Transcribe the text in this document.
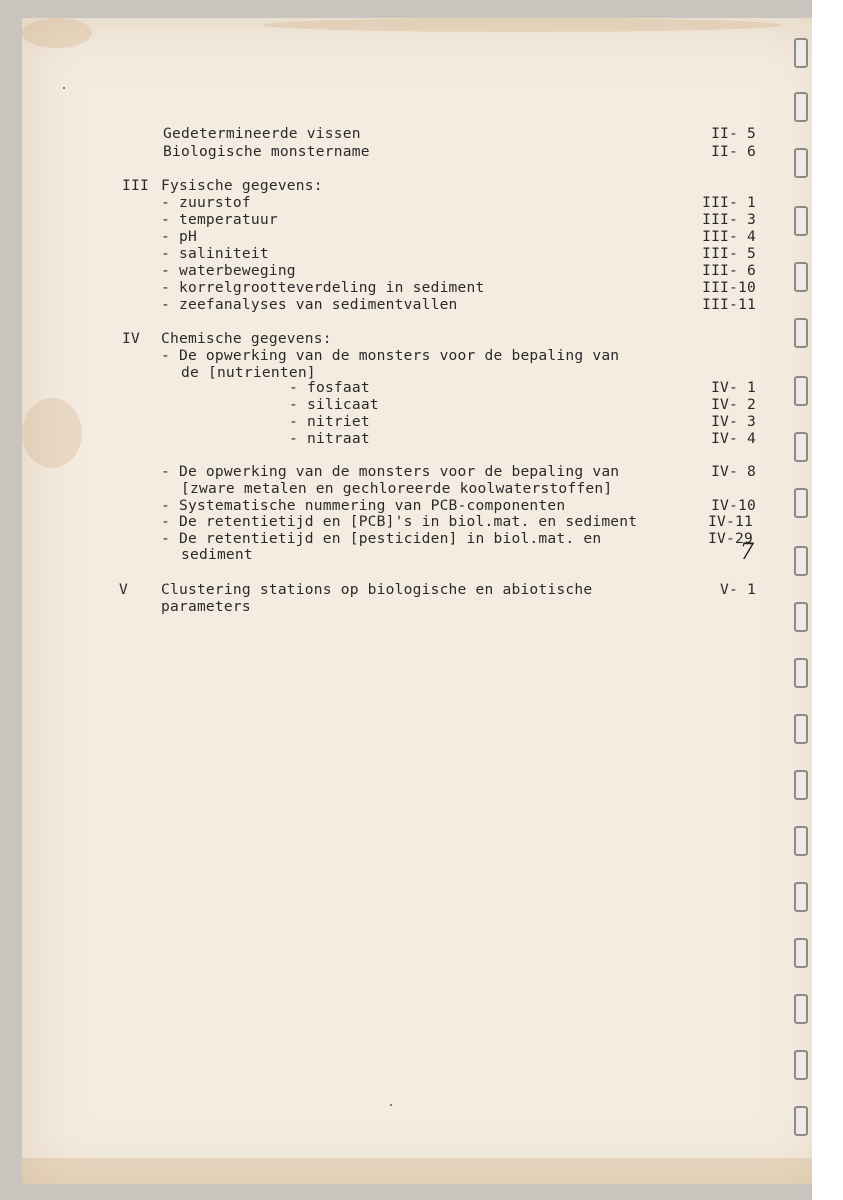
Gedetermineerde vissen	II- 5
Biologische monstername	II- 6
III Fysische gegevens:
- zuurstof	III- 1
- temperatuur	III- 3
- pH	III- 4
- saliniteit	III- 5
- waterbeweging	III- 6
- korrelgrootteverdeling in sediment	III-10
- zeefanalyses van sedimentvallen	III-11
IV Chemische gegevens:
- De opwerking van de monsters voor de bepaling van
de [nutrienten]
- fosfaat	IV- 1
- silicaat	IV- 2
- nitriet	IV- 3
- nitraat	IV- 4
- De opwerking van de monsters voor de bepaling van	IV- 8
[zware metalen en gechloreerde koolwaterstoffen]
- Systematische nummering van PCB-componenten	IV-10
- De retentietijd en [PCB]'s in biol.mat. en sediment	IV-11
- De retentietijd en [pesticiden] in biol.mat. en	IV-29
7
sediment
V Clustering stations op biologische en abiotische	V- 1
parameters
